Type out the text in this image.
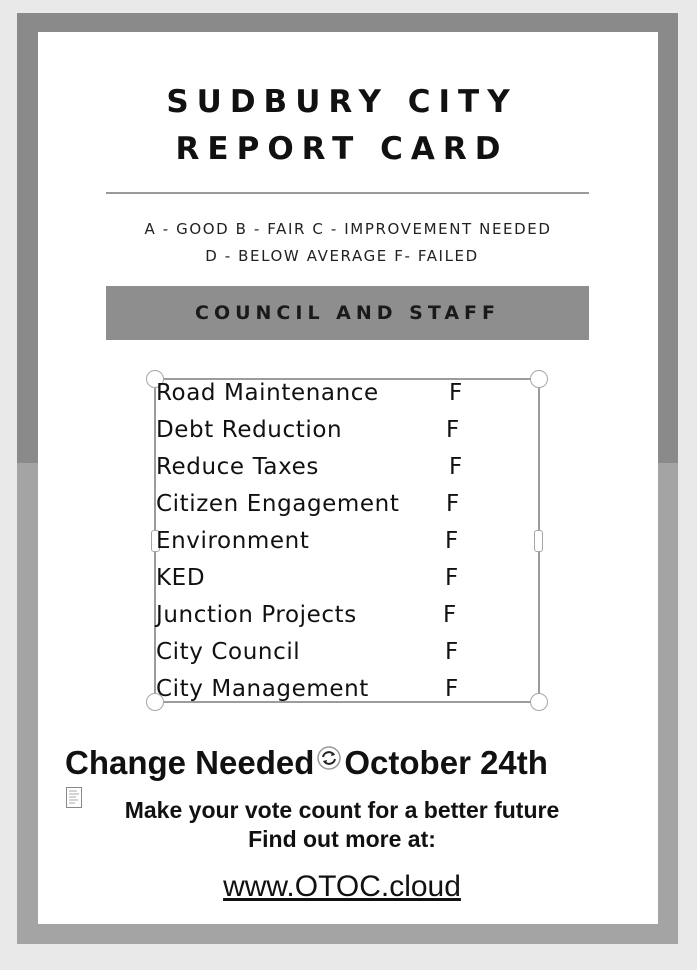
SUDBURY CITY
REPORT CARD
A - GOOD B - FAIR C - IMPROVEMENT NEEDED
D - BELOW AVERAGE F- FAILED
COUNCIL AND STAFF
Road Maintenance	F
Debt Reduction	F
Reduce Taxes	F
Citizen Engagement F
Environment	F
KED	F
Junction Projects	F
City Council	F
City Management	F
Change Needed October 24th
Make your vote count for a better future
Find out more at:
www.OTOC.cloud
